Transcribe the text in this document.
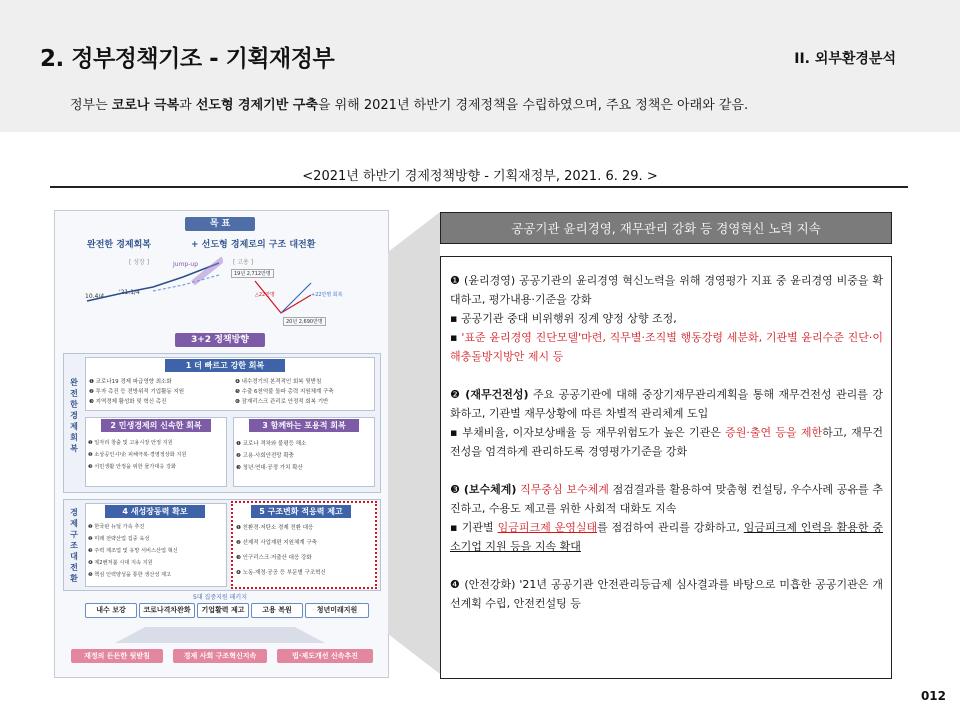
2. 정부정책기조 - 기획재정부	II. 외부환경분석
정부는 코로나 극복과 선도형 경제기반 구축을 위해 2021년 하반기 경제정책을 수립하였으며, 주요 정책은 아래와 같음.
<2021년 하반기 경제정책방향 - 기획재정부, 2021. 6. 29. >
목 표
완전한 경제회복	+ 선도형 경제로의 구조 대전환
[ 성장 ]	Jump-up
10.4/4
'21.1/4
[ 고용 ]
19년 2,712만명
+22만명 회복
△22만명
20년 2,690만명
3+2 정책방향
완전한경제회복
1 더 빠르고 강한 회복
❶ 코로나19 경제 파급영향 최소화
❷ 투자 촉진 등 전방위적 기업활동 지원
❸ 지역경제 활성화 및 혁신 촉진
❹ 내수경기의 본격적인 회복 뒷받침
❺ 수출 6천억불 돌파 총력 지원체계 구축
❻ 잠재리스크 관리로 안정적 회복 기반
2 민생경제의 신속한 회복
❶ 일자리 창출 및 고용시장 안정 지원
❷ 소상공인·中企 피해극복·경영정상화 지원
❸ 서민생활 안정을 위한 물가대응 강화
3 함께하는 포용적 회복
❶ 코로나 격차와 불평등 해소
❷ 고용·사회안전망 확충
❸ 청년·연대·공정 가치 확산
경제구조대전환
4 새성장동력 확보
❶ 한국판 뉴딜 가속 추진
❷ 미래 전략산업 집중 육성
❸ 주력 제조업 및 유망 서비스산업 혁신
❹ 제2벤처붐 시대 지속 지원
❺ 핵심 인력양성을 통한 생산성 제고
5 구조변화 적응력 제고
❶ 친환경·저탄소 경제 전환 대응
❷ 선제적 사업재편 지원체계 구축
❸ 인구리스크·저출산 대응 강화
❹ 노동·재정·공공 등 부문별 구조혁신
5대 집중지원 패키지
내수 보강	코로나격차완화	기업활력 제고	고용 복원	청년미래지원
재정의 든든한 뒷받침	경제 사회 구조혁신지속	법·제도개선 신속추진
공공기관 윤리경영, 재무관리 강화 등 경영혁신 노력 지속

❶ (윤리경영) 공공기관의 윤리경영 혁신노력을 위해 경영평가 지표 중 윤리경영 비중을 확대하고, 평가내용·기준을 강화

▪ 공공기관 중대 비위행위 징계 양정 상향 조정,

▪ '표준 윤리경영 진단모델'마련, 직무별·조직별 행동강령 세분화, 기관별 윤리수준 진단·이해충돌방지방안 제시 등

❷ (재무건전성) 주요 공공기관에 대해 중장기재무관리계획을 통해 재무건전성 관리를 강화하고, 기관별 재무상황에 따른 차별적 관리체계 도입

▪ 부채비율, 이자보상배율 등 재무위험도가 높은 기관은 증원·출연 등을 제한하고, 재무건전성을 엄격하게 관리하도록 경영평가기준을 강화

❸ (보수체계) 직무중심 보수체계 점검결과를 활용하여 맞춤형 컨설팅, 우수사례 공유를 추진하고, 수용도 제고를 위한 사회적 대화도 지속

▪ 기관별 임금피크제 운영실태를 점검하여 관리를 강화하고, 임금피크제 인력을 활용한 중소기업 지원 등을 지속 확대

❹ (안전강화) '21년 공공기관 안전관리등급제 심사결과를 바탕으로 미흡한 공공기관은 개선계획 수립, 안전컨설팅 등

012
